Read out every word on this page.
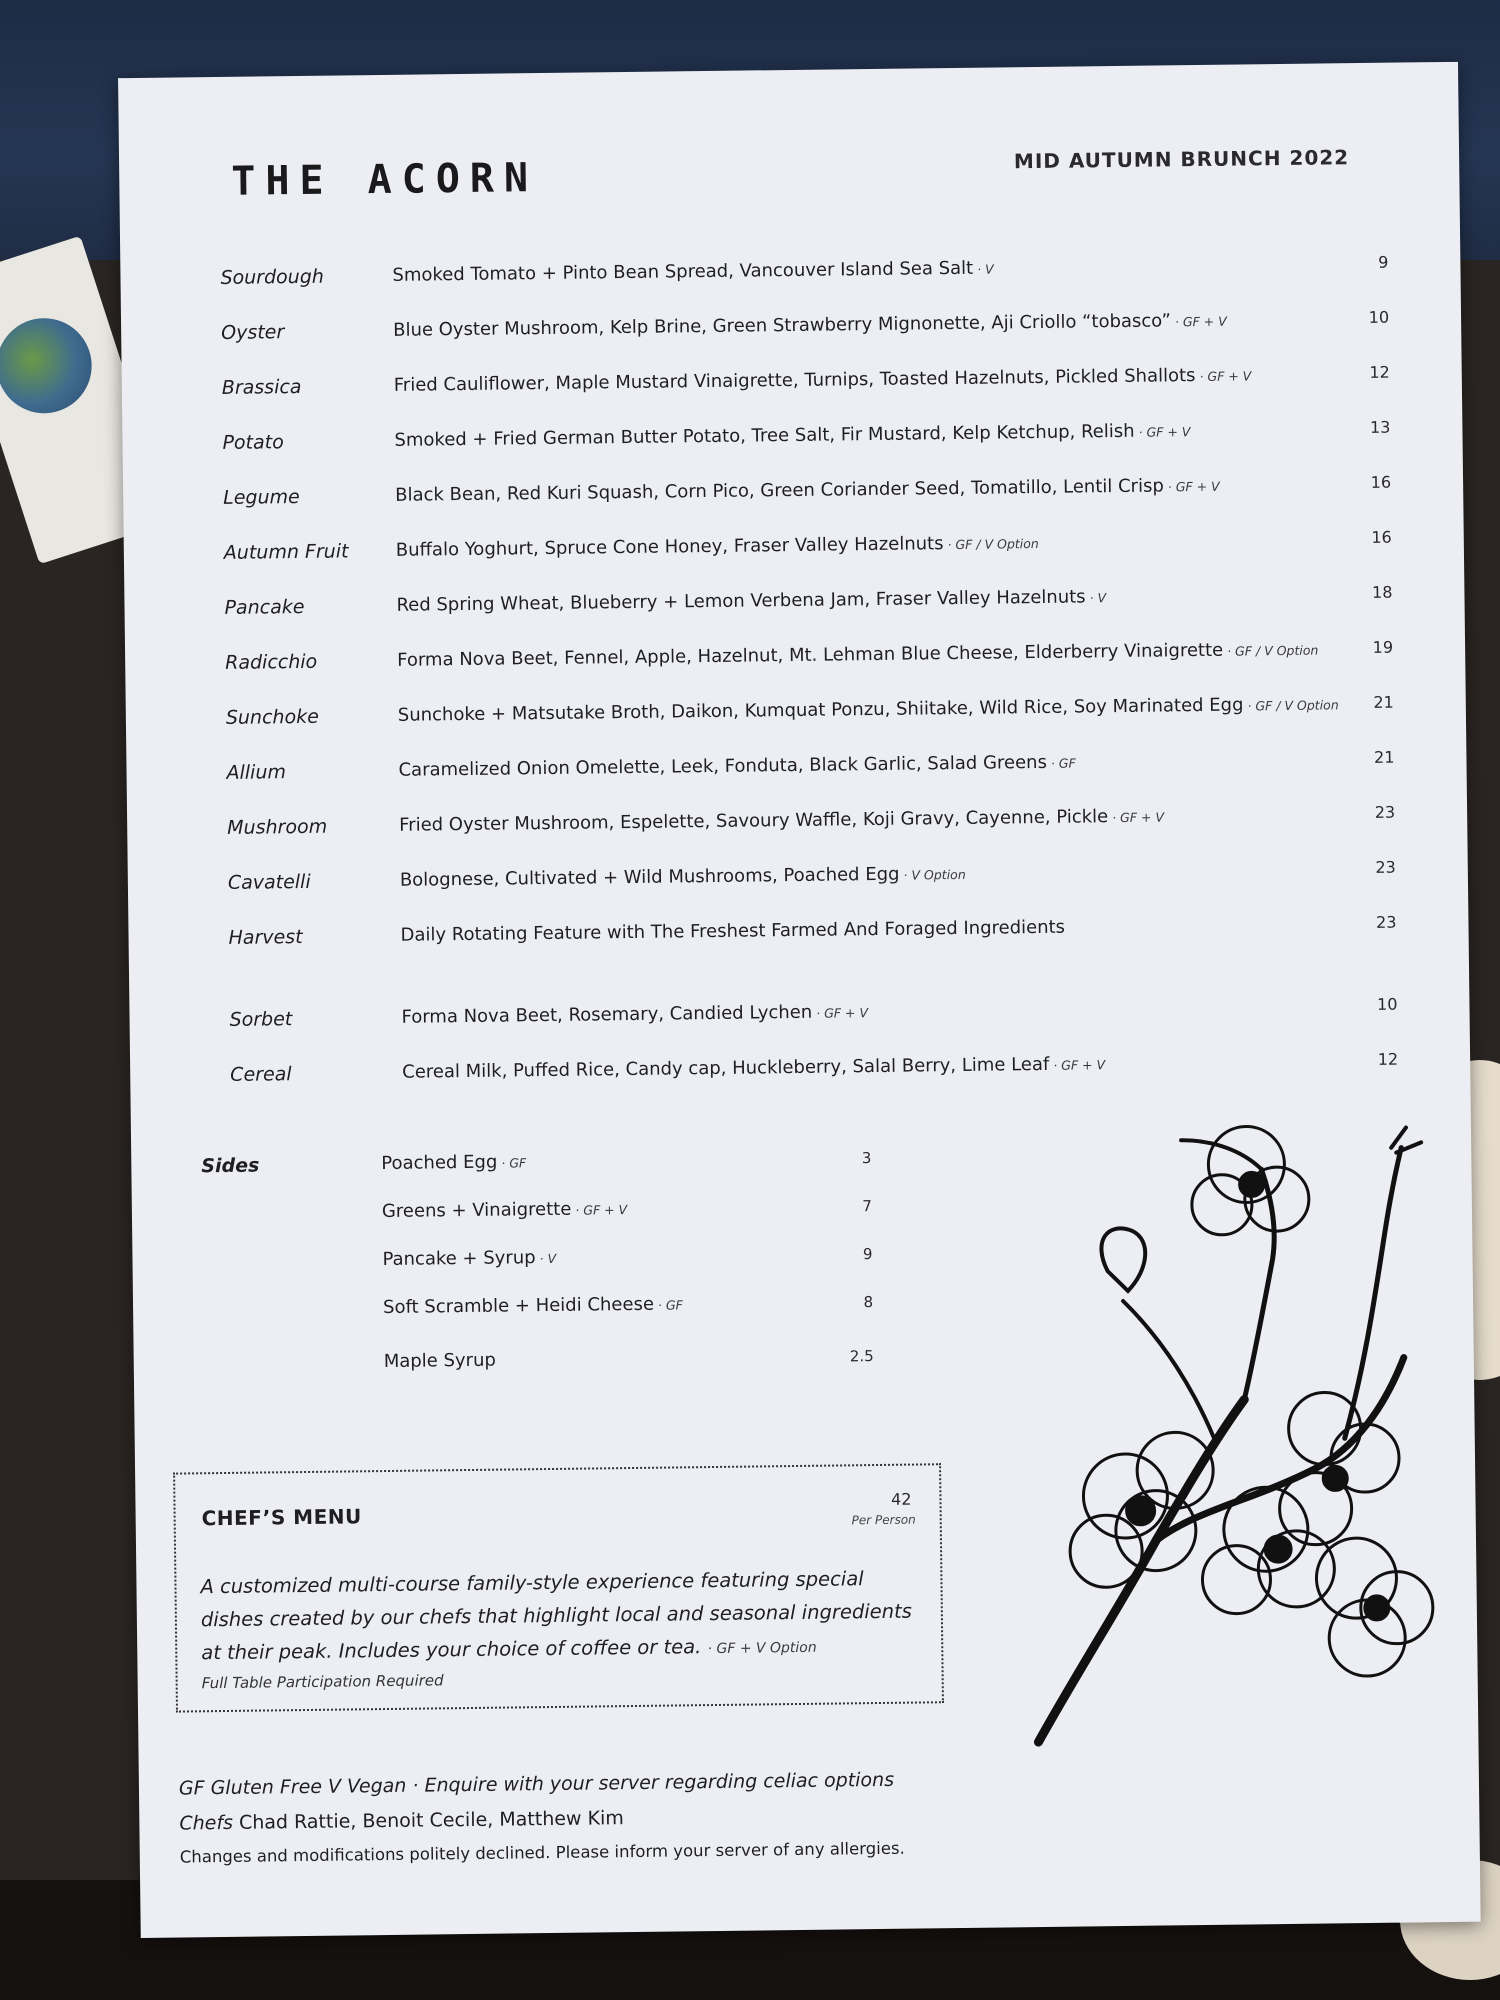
THE ACORN	MID AUTUMN BRUNCH 2022
Sourdough	Smoked Tomato + Pinto Bean Spread, Vancouver Island Sea Salt · V	9
Oyster	Blue Oyster Mushroom, Kelp Brine, Green Strawberry Mignonette, Aji Criollo “tobasco” · GF + V	10
Brassica	Fried Cauliflower, Maple Mustard Vinaigrette, Turnips, Toasted Hazelnuts, Pickled Shallots · GF + V	12
Potato	Smoked + Fried German Butter Potato, Tree Salt, Fir Mustard, Kelp Ketchup, Relish · GF + V	13
Legume	Black Bean, Red Kuri Squash, Corn Pico, Green Coriander Seed, Tomatillo, Lentil Crisp · GF + V	16
Autumn Fruit	Buffalo Yoghurt, Spruce Cone Honey, Fraser Valley Hazelnuts · GF / V Option	16
Pancake	Red Spring Wheat, Blueberry + Lemon Verbena Jam, Fraser Valley Hazelnuts · V	18
Radicchio	Forma Nova Beet, Fennel, Apple, Hazelnut, Mt. Lehman Blue Cheese, Elderberry Vinaigrette · GF / V Option	19
Sunchoke	Sunchoke + Matsutake Broth, Daikon, Kumquat Ponzu, Shiitake, Wild Rice, Soy Marinated Egg · GF / V Option	21
Allium	Caramelized Onion Omelette, Leek, Fonduta, Black Garlic, Salad Greens · GF	21
Mushroom	Fried Oyster Mushroom, Espelette, Savoury Waffle, Koji Gravy, Cayenne, Pickle · GF + V	23
Cavatelli	Bolognese, Cultivated + Wild Mushrooms, Poached Egg · V Option	23
Harvest	Daily Rotating Feature with The Freshest Farmed And Foraged Ingredients	23
Sorbet	Forma Nova Beet, Rosemary, Candied Lychen · GF + V	10
Cereal	Cereal Milk, Puffed Rice, Candy cap, Huckleberry, Salal Berry, Lime Leaf · GF + V	12
Sides	Poached Egg · GF	3
Greens + Vinaigrette · GF + V	7
Pancake + Syrup · V	9
Soft Scramble + Heidi Cheese · GF	8
Maple Syrup	2.5
CHEF’S MENU
42
Per Person

A customized multi-course family-style experience featuring special dishes created by our chefs that highlight local and seasonal ingredients at their peak. Includes your choice of coffee or tea. · GF + V Option

Full Table Participation Required

GF Gluten Free V Vegan · Enquire with your server regarding celiac options

Chefs Chad Rattie, Benoit Cecile, Matthew Kim

Changes and modifications politely declined. Please inform your server of any allergies.
